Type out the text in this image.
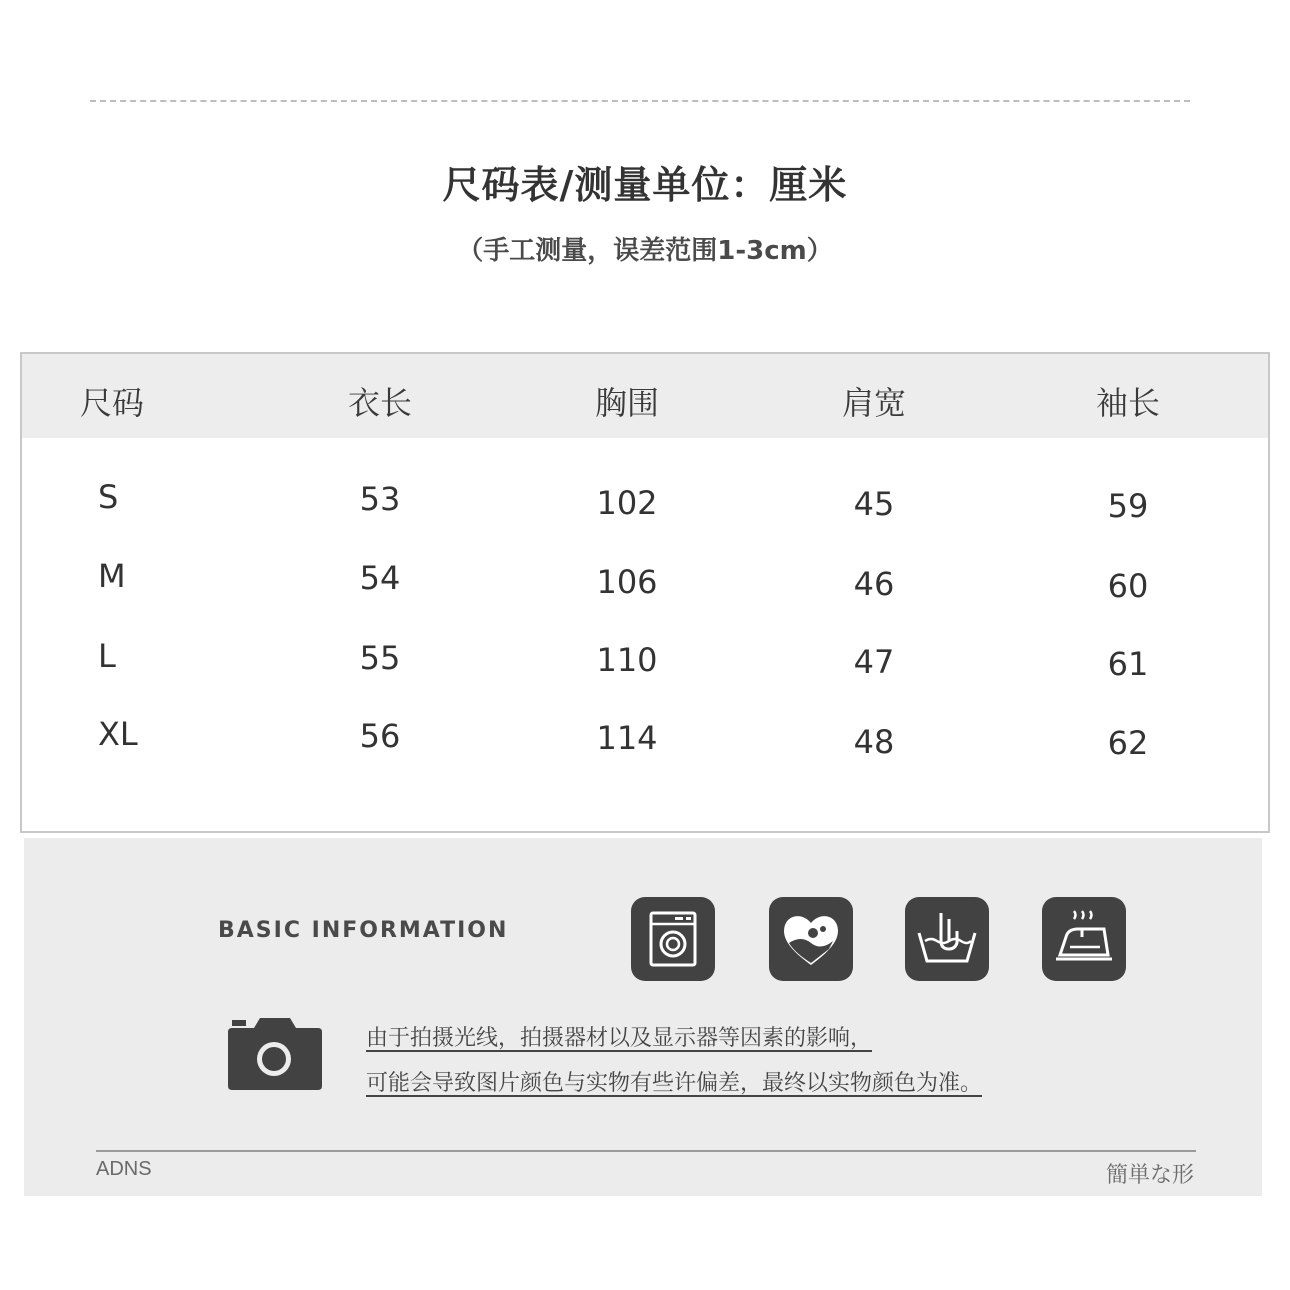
尺码表/测量单位：厘米
（手工测量，误差范围1-3cm）
尺码	衣长	胸围	肩宽	袖长
S	53	102	45	59
M	54	106	46	60
L	55	110	47	61
XL	56	114	48	62
BASIC INFORMATION
由于拍摄光线，拍摄器材以及显示器等因素的影响，
可能会导致图片颜色与实物有些许偏差，最终以实物颜色为准。
ADNS	簡単な形
